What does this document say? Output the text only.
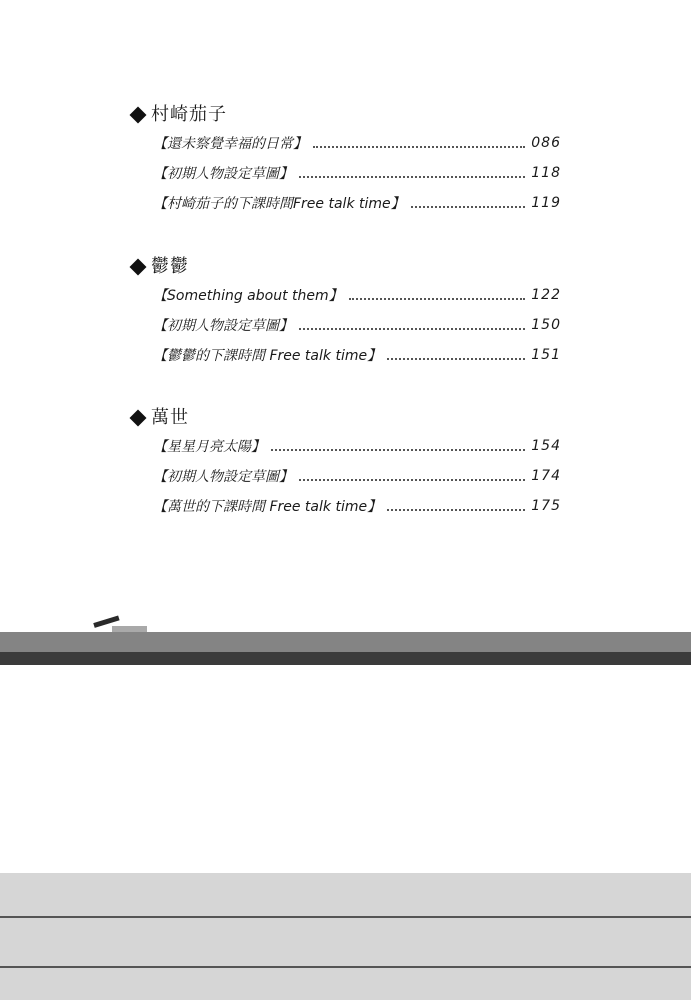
村崎茄子
【還未察覺幸福的日常】	086
【初期人物設定草圖】	118
【村崎茄子的下課時間Free talk time】	119
鬱鬱
【Something about them】	122
【初期人物設定草圖】	150
【鬱鬱的下課時間 Free talk time】	151
萬世
【星星月亮太陽】	154
【初期人物設定草圖】	174
【萬世的下課時間 Free talk time】	175
